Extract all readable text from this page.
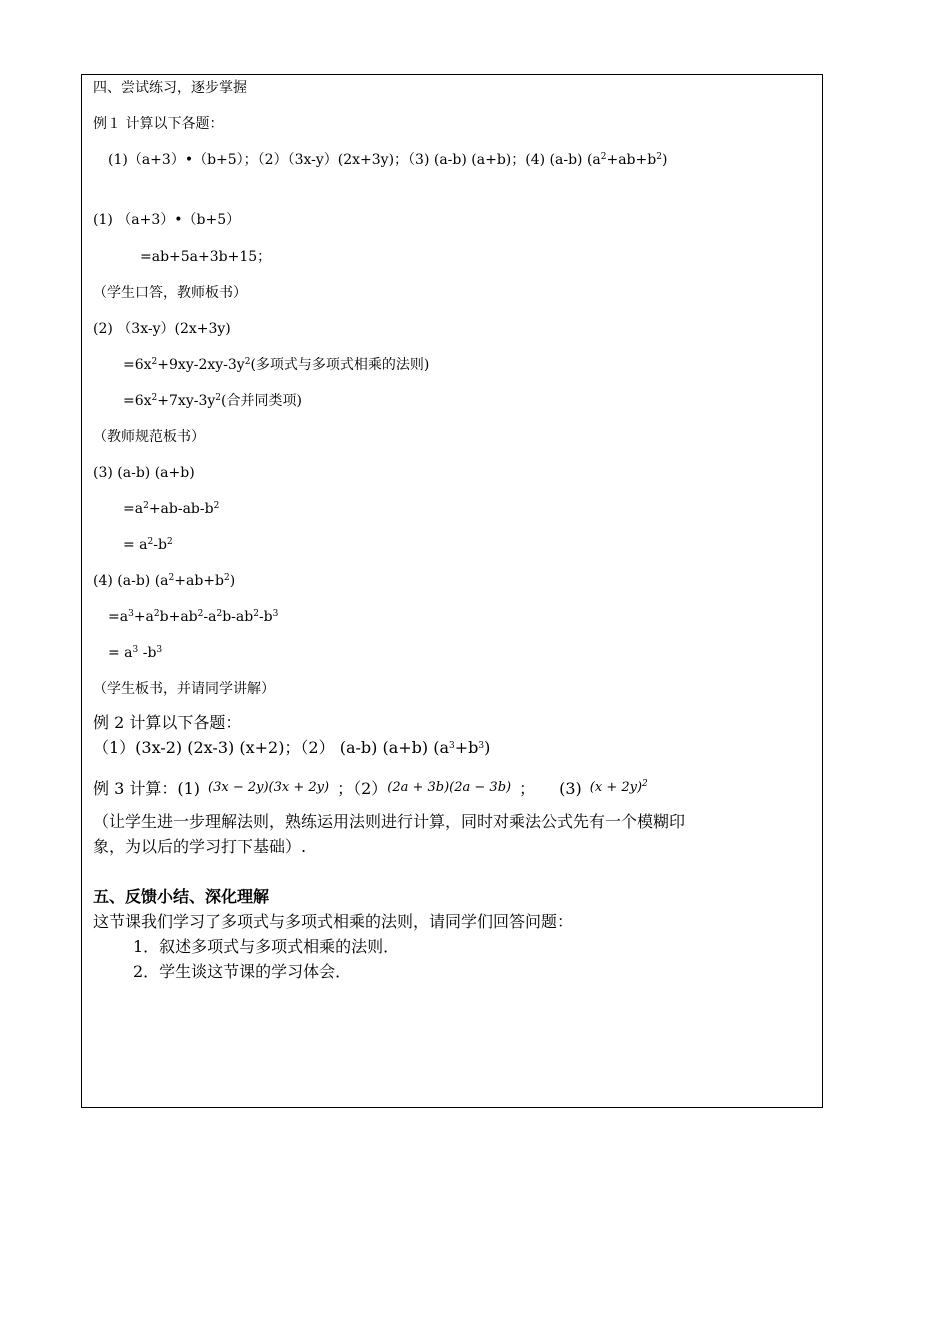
四、尝试练习，逐步掌握
例１ 计算以下各题：
(1)（a+3）•（b+5）；（2）（3x-y）(2x+3y)；（3) (a-b) (a+b)；(4) (a-b) $(a^2+ab+b^2)$
(1) （a+3）•（b+5）
=ab+5a+3b+15；
（学生口答，教师板书）
(2) （3x-y）(2x+3y)
$=6x^2+9xy-2xy-3y^2$(多项式与多项式相乘的法则)
$=6x^2+7xy-3y^2$(合并同类项)
（教师规范板书）
(3) (a-b) (a+b)
$=a^2+ab-ab-b^2$
= $a^2-b^2$
(4) (a-b) $(a^2+ab+b^2)$
$=a^3+a^2b+ab^2-a^2b-ab^2-b^3$
= $a^3$ $-b^3$
（学生板书，并请同学讲解）
例 2 计算以下各题：
（1）(3x-2) (2x-3) (x+2)；（2） (a-b) (a+b) $(a^3+b^3)$
例 3 计算：(1) (3x − 2y)(3x + 2y) ；（2）(2a + 3b)(2a − 3b) ； (3) $(x + 2y)^2$
（让学生进一步理解法则，熟练运用法则进行计算，同时对乘法公式先有一个模糊印
象，为以后的学习打下基础）.
五、反馈小结、深化理解
这节课我们学习了多项式与多项式相乘的法则，请同学们回答问题：
1．叙述多项式与多项式相乘的法则．
2．学生谈这节课的学习体会．
